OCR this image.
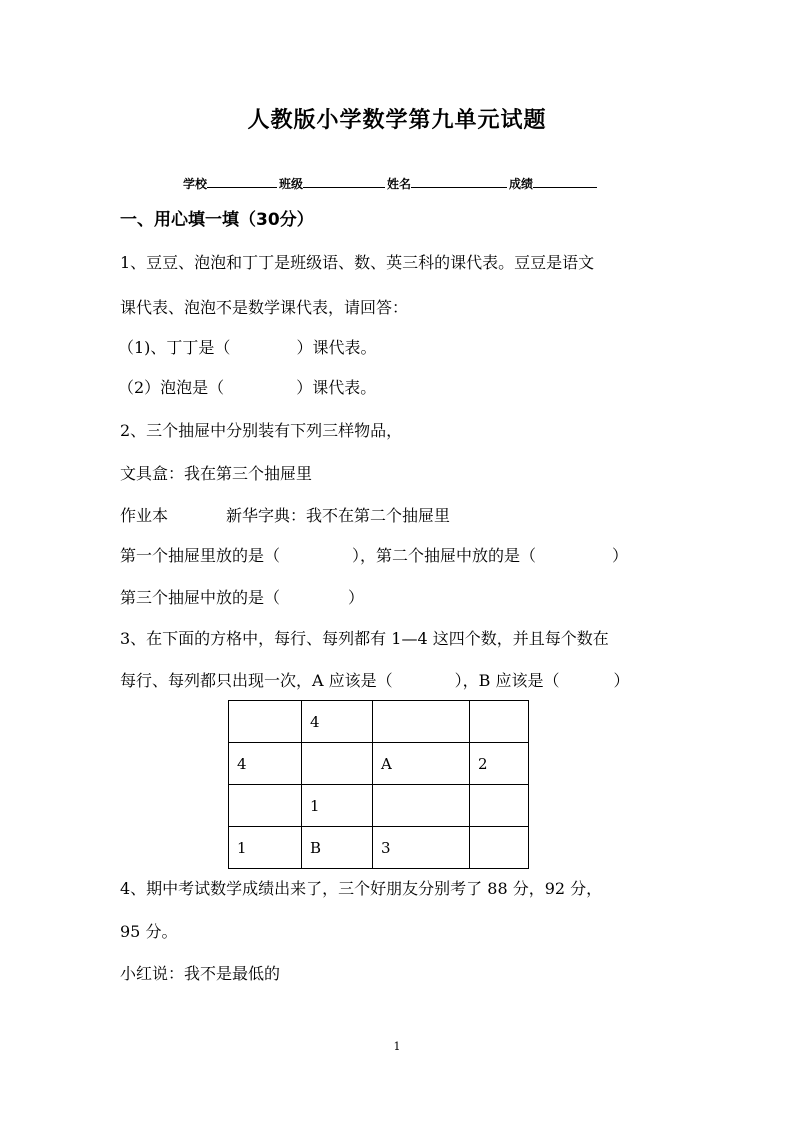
人教版小学数学第九单元试题
学校	班级	姓名	成绩
一、用心填一填（30分）
1、豆豆、泡泡和丁丁是班级语、数、英三科的课代表。豆豆是语文
课代表、泡泡不是数学课代表，请回答：
（1)、丁丁是（	）课代表。
（2）泡泡是（	）课代表。
2、三个抽屉中分别装有下列三样物品，
文具盒：我在第三个抽屉里
作业本	新华字典：我不在第二个抽屉里
第一个抽屉里放的是（	），第二个抽屉中放的是（	）
第三个抽屉中放的是（	）
3、在下面的方格中，每行、每列都有 1—4 这四个数，并且每个数在
每行、每列都只出现一次，A 应该是（	），B 应该是（	）
	4		
4		A	2
	1		
1	B	3	
4、期中考试数学成绩出来了，三个好朋友分别考了 88 分，92 分，
95 分。
小红说：我不是最低的
1
